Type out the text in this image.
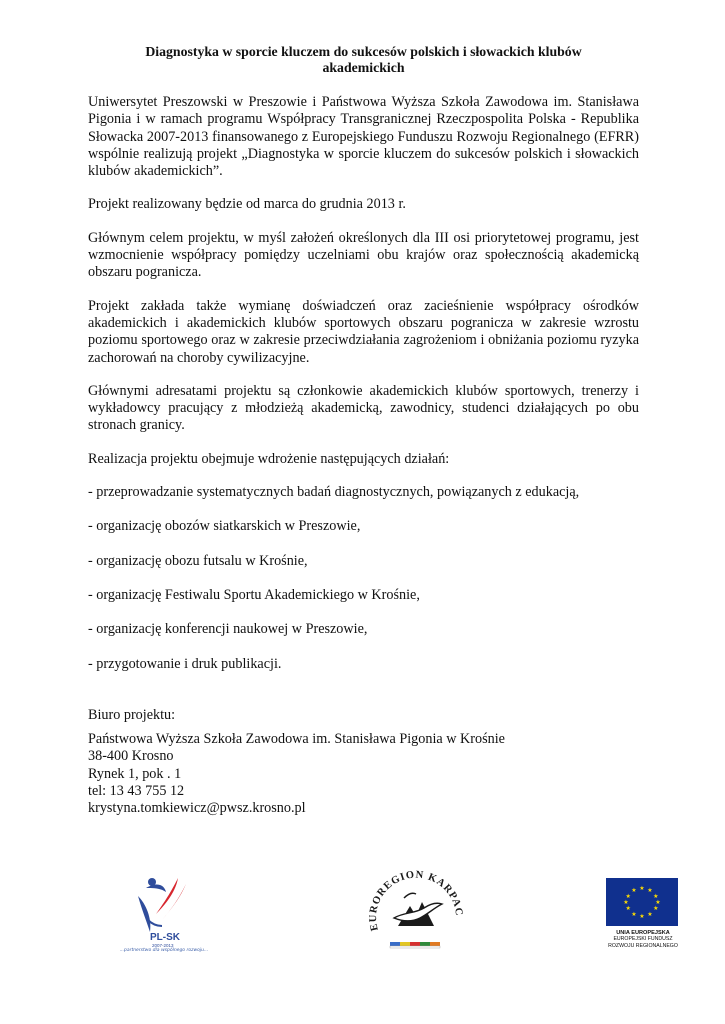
Diagnostyka w sporcie kluczem do sukcesów polskich i słowackich klubów
akademickich

Uniwersytet Preszowski w Preszowie i Państwowa Wyższa Szkoła Zawodowa im. Stanisława Pigonia i w ramach programu Współpracy Transgranicznej Rzeczpospolita Polska - Republika Słowacka 2007-2013 finansowanego z Europejskiego Funduszu Rozwoju Regionalnego (EFRR) wspólnie realizują projekt „Diagnostyka w sporcie kluczem do sukcesów polskich i słowackich klubów akademickich”.

Projekt realizowany będzie od marca do grudnia 2013 r.

Głównym celem projektu, w myśl założeń określonych dla III osi priorytetowej programu, jest wzmocnienie współpracy pomiędzy uczelniami obu krajów oraz społecznością akademicką obszaru pogranicza.

Projekt zakłada także wymianę doświadczeń oraz zacieśnienie współpracy ośrodków akademickich i akademickich klubów sportowych obszaru pogranicza w zakresie wzrostu poziomu sportowego oraz w zakresie przeciwdziałania zagrożeniom i obniżania poziomu ryzyka zachorowań na choroby cywilizacyjne.

Głównymi adresatami projektu są członkowie akademickich klubów sportowych, trenerzy i wykładowcy pracujący z młodzieżą akademicką, zawodnicy, studenci działających po obu stronach granicy.

Realizacja projektu obejmuje wdrożenie następujących działań:

- przeprowadzanie systematycznych badań diagnostycznych, powiązanych z edukacją,
- organizację obozów siatkarskich w Preszowie,
- organizację obozu futsalu w Krośnie,
- organizację Festiwalu Sportu Akademickiego w Krośnie,
- organizację konferencji naukowej w Preszowie,
- przygotowanie i druk publikacji.
Biuro projektu:
Państwowa Wyższa Szkoła Zawodowa im. Stanisława Pigonia w Krośnie
38-400 Krosno
Rynek 1, pok . 1
tel: 13 43 755 12
krystyna.tomkiewicz@pwsz.krosno.pl
PL-SK
2007-2013
...partnerstwo dla wspólnego rozwoju...
EUROREGION KARPAC
★ ★
★
★
★
★
★
★
★
★
★
★
UNIA EUROPEJSKA
EUROPEJSKI FUNDUSZ
ROZWOJU REGIONALNEGO
